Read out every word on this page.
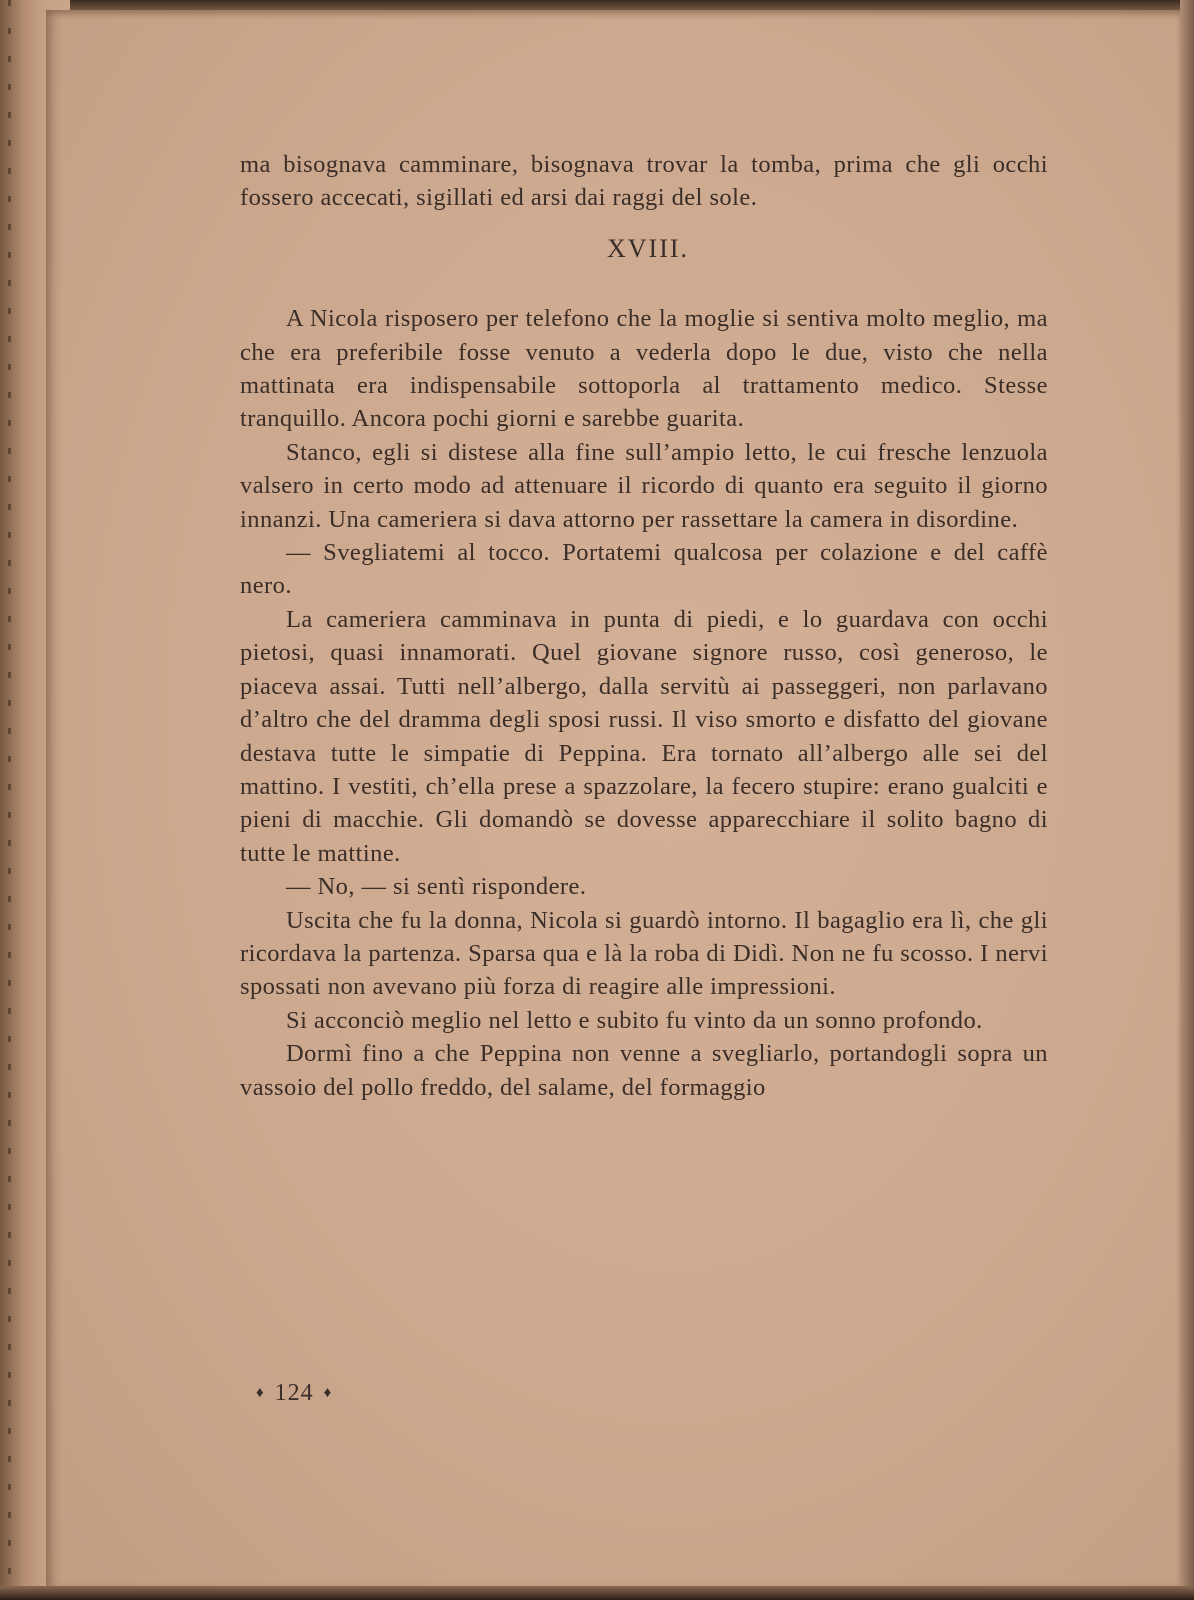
ma bisognava camminare, bisognava trovar la tomba, prima che gli occhi fossero accecati, sigillati ed arsi dai raggi del sole.

XVIII.

A Nicola risposero per telefono che la moglie si sentiva molto meglio, ma che era preferibile fosse venuto a vederla dopo le due, visto che nella mattinata era indispensabile sottoporla al trattamento medico. Stesse tranquillo. Ancora pochi giorni e sarebbe guarita.

Stanco, egli si distese alla fine sull’ampio letto, le cui fresche lenzuola valsero in certo modo ad attenuare il ricordo di quanto era seguito il giorno innanzi. Una cameriera si dava attorno per rassettare la camera in disordine.

— Svegliatemi al tocco. Portatemi qualcosa per colazione e del caffè nero.

La cameriera camminava in punta di piedi, e lo guardava con occhi pietosi, quasi innamorati. Quel giovane signore russo, così generoso, le piaceva assai. Tutti nell’albergo, dalla servitù ai passeggeri, non parlavano d’altro che del dramma degli sposi russi. Il viso smorto e disfatto del giovane destava tutte le simpatie di Peppina. Era tornato all’albergo alle sei del mattino. I vestiti, ch’ella prese a spazzolare, la fecero stupire: erano gualciti e pieni di macchie. Gli domandò se dovesse apparecchiare il solito bagno di tutte le mattine.

— No, — si sentì rispondere.

Uscita che fu la donna, Nicola si guardò intorno. Il bagaglio era lì, che gli ricordava la partenza. Sparsa qua e là la roba di Didì. Non ne fu scosso. I nervi spossati non avevano più forza di reagire alle impressioni.

Si acconciò meglio nel letto e subito fu vinto da un sonno profondo.

Dormì fino a che Peppina non venne a svegliarlo, portandogli sopra un vassoio del pollo freddo, del salame, del formaggio

♦ 124 ♦
